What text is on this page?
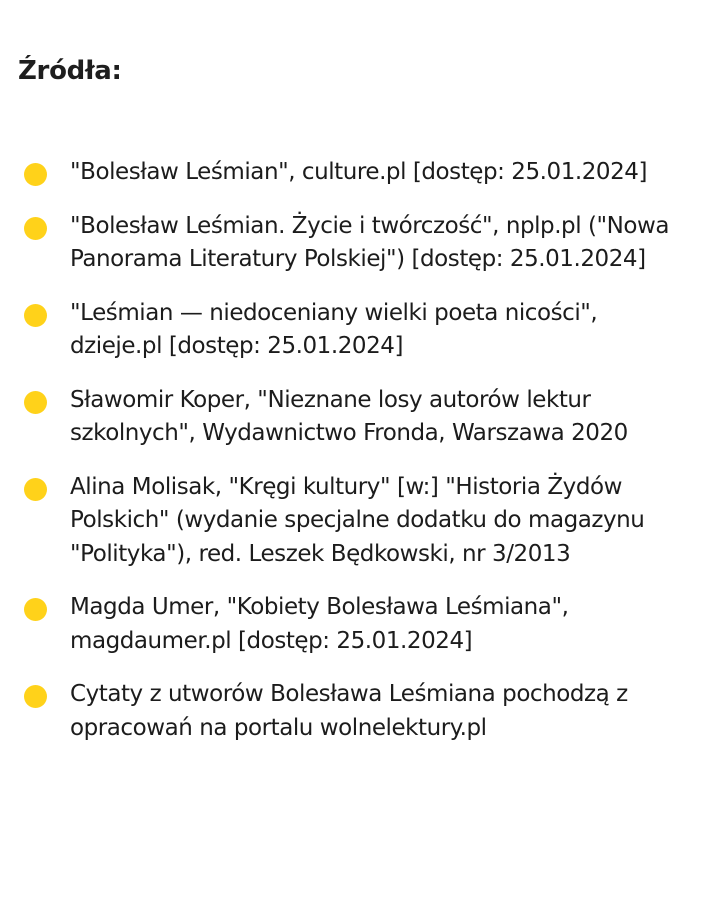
Źródła:
"Bolesław Leśmian", culture.pl [dostęp: 25.01.2024]
"Bolesław Leśmian. Życie i twórczość", nplp.pl ("Nowa Panorama Literatury Polskiej") [dostęp: 25.01.2024]
"Leśmian — niedoceniany wielki poeta nicości", dzieje.pl [dostęp: 25.01.2024]
Sławomir Koper, "Nieznane losy autorów lektur szkolnych", Wydawnictwo Fronda, Warszawa 2020
Alina Molisak, "Kręgi kultury" [w:] "Historia Żydów Polskich" (wydanie specjalne dodatku do magazynu "Polityka"), red. Leszek Będkowski, nr 3/2013
Magda Umer, "Kobiety Bolesława Leśmiana", magdaumer.pl [dostęp: 25.01.2024]
Cytaty z utworów Bolesława Leśmiana pochodzą z opracowań na portalu wolnelektury.pl
